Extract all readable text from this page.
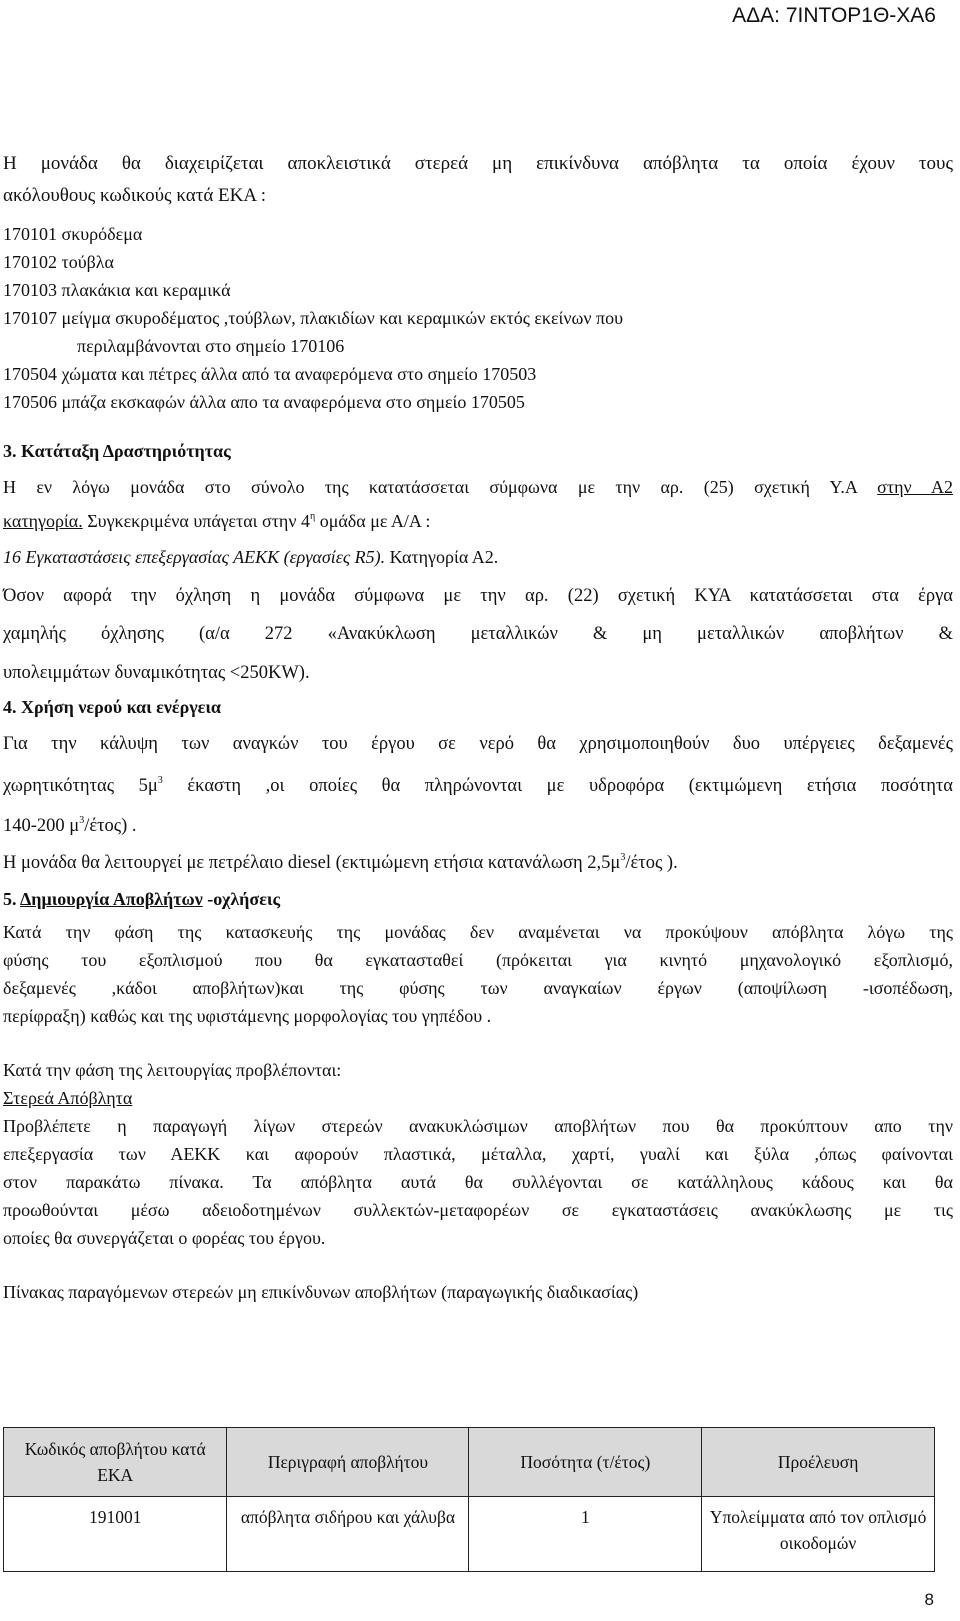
ΑΔΑ: 7ΙΝΤΟΡ1Θ-ΧΑ6

Η μονάδα θα διαχειρίζεται αποκλειστικά στερεά μη επικίνδυνα απόβλητα τα οποία έχουν τους

ακόλουθους κωδικούς κατά ΕΚΑ :

170101 σκυρόδεμα

170102 τούβλα

170103 πλακάκια και κεραμικά

170107 μείγμα σκυροδέματος ,τούβλων, πλακιδίων και κεραμικών εκτός εκείνων που

περιλαμβάνονται στο σημείο 170106

170504 χώματα και πέτρες άλλα από τα αναφερόμενα στο σημείο 170503

170506 μπάζα εκσκαφών άλλα απο τα αναφερόμενα στο σημείο 170505

3. Κατάταξη Δραστηριότητας

Η εν λόγω μονάδα στο σύνολο της κατατάσσεται σύμφωνα με την αρ. (25) σχετική Υ.Α στην Α2

κατηγορία. Συγκεκριμένα υπάγεται στην $4^\eta$ ομάδα με Α/Α :

16 Εγκαταστάσεις επεξεργασίας ΑΕΚΚ (εργασίες R5). Κατηγορία Α2.

Όσον αφορά την όχληση η μονάδα σύμφωνα με την αρ. (22) σχετική ΚΥΑ κατατάσσεται στα έργα

χαμηλής όχλησης (α/α 272 «Ανακύκλωση μεταλλικών & μη μεταλλικών αποβλήτων &

υπολειμμάτων δυναμικότητας <250KW).

4. Χρήση νερού και ενέργεια

Για την κάλυψη των αναγκών του έργου σε νερό θα χρησιμοποιηθούν δυο υπέργειες δεξαμενές

χωρητικότητας $5\mu^3$ έκαστη ,οι οποίες θα πληρώνονται με υδροφόρα (εκτιμώμενη ετήσια ποσότητα

140-200 $\mu^3/έ\tau o\varsigma$) .

Η μονάδα θα λειτουργεί με πετρέλαιο diesel (εκτιμώμενη ετήσια κατανάλωση $2,5\mu^3$/έτος ).

5. Δημιουργία Αποβλήτων -οχλήσεις

Κατά την φάση της κατασκευής της μονάδας δεν αναμένεται να προκύψουν απόβλητα λόγω της

φύσης του εξοπλισμού που θα εγκατασταθεί (πρόκειται για κινητό μηχανολογικό εξοπλισμό,

δεξαμενές ,κάδοι αποβλήτων)και της φύσης των αναγκαίων έργων (αποψίλωση -ισοπέδωση,

περίφραξη) καθώς και της υφιστάμενης μορφολογίας του γηπέδου .

Κατά την φάση της λειτουργίας προβλέπονται:

Στερεά Απόβλητα

Προβλέπετε η παραγωγή λίγων στερεών ανακυκλώσιμων αποβλήτων που θα προκύπτουν απο την

επεξεργασία των ΑΕΚΚ και αφορούν πλαστικά, μέταλλα, χαρτί, γυαλί και ξύλα ,όπως φαίνονται

στον παρακάτω πίνακα. Τα απόβλητα αυτά θα συλλέγονται σε κατάλληλους κάδους και θα

προωθούνται μέσω αδειοδοτημένων συλλεκτών-μεταφορέων σε εγκαταστάσεις ανακύκλωσης με τις

οποίες θα συνεργάζεται ο φορέας του έργου.

Πίνακας παραγόμενων στερεών μη επικίνδυνων αποβλήτων (παραγωγικής διαδικασίας)

Κωδικός αποβλήτου κατά ΕΚΑ	Περιγραφή αποβλήτου	Ποσότητα (τ/έτος)	Προέλευση
191001	απόβλητα σιδήρου και χάλυβα	1	Υπολείμματα από τον οπλισμό οικοδομών
8
